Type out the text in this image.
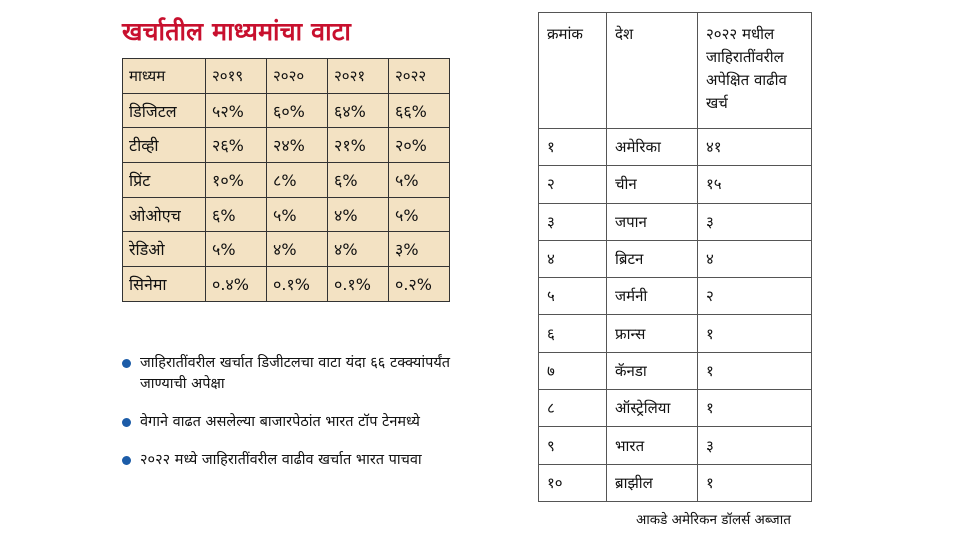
खर्चातील माध्यमांचा वाटा
माध्यम	२०१९	२०२०	२०२१	२०२२
डिजिटल	५२%	६०%	६४%	६६%
टीव्ही	२६%	२४%	२१%	२०%
प्रिंट	१०%	८%	६%	५%
ओओएच	६%	५%	४%	५%
रेडिओ	५%	४%	४%	३%
सिनेमा	०.४%	०.१%	०.१%	०.२%
जाहिरातींवरील खर्चात डिजीटलचा वाटा यंदा ६६ टक्क्यांपर्यंत जाण्याची अपेक्षा
वेगाने वाढत असलेल्या बाजारपेठांत भारत टॉप टेनमध्ये
२०२२ मध्ये जाहिरातींवरील वाढीव खर्चात भारत पाचवा
क्रमांक	देश	२०२२ मधील जाहिरातींवरील अपेक्षित वाढीव खर्च
१	अमेरिका	४१
२	चीन	१५
३	जपान	३
४	ब्रिटन	४
५	जर्मनी	२
६	फ्रान्स	१
७	कॅनडा	१
८	ऑस्ट्रेलिया	१
९	भारत	३
१०	ब्राझील	१
आकडे अमेरिकन डॉलर्स अब्जात
